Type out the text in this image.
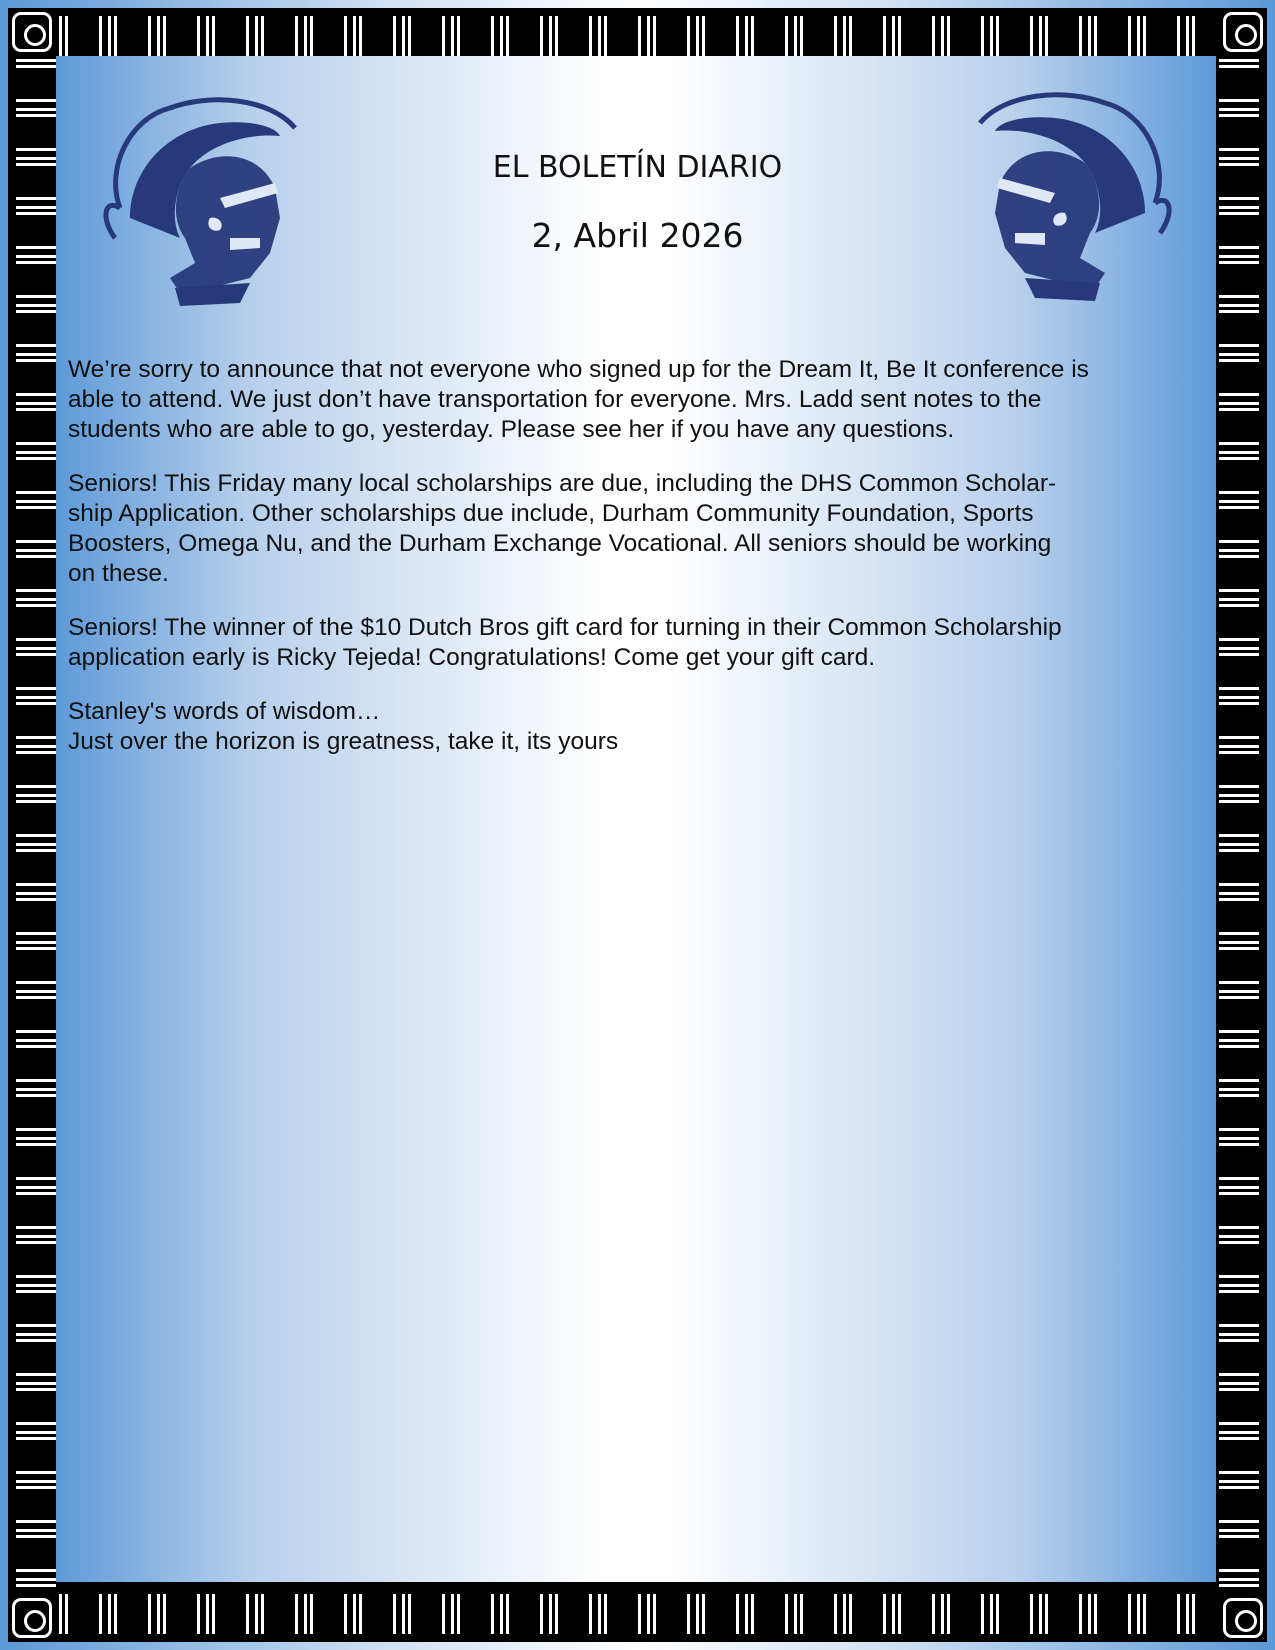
EL BOLETÍN DIARIO
2, Abril 2026

We’re sorry to announce that not everyone who signed up for the Dream It, Be It conference is
able to attend. We just don’t have transportation for everyone. Mrs. Ladd sent notes to the
students who are able to go, yesterday. Please see her if you have any questions.

Seniors! This Friday many local scholarships are due, including the DHS Common Scholar-
ship Application. Other scholarships due include, Durham Community Foundation, Sports
Boosters, Omega Nu, and the Durham Exchange Vocational. All seniors should be working
on these.

Seniors! The winner of the $10 Dutch Bros gift card for turning in their Common Scholarship
application early is Ricky Tejeda! Congratulations! Come get your gift card.

Stanley's words of wisdom…
Just over the horizon is greatness, take it, its yours
